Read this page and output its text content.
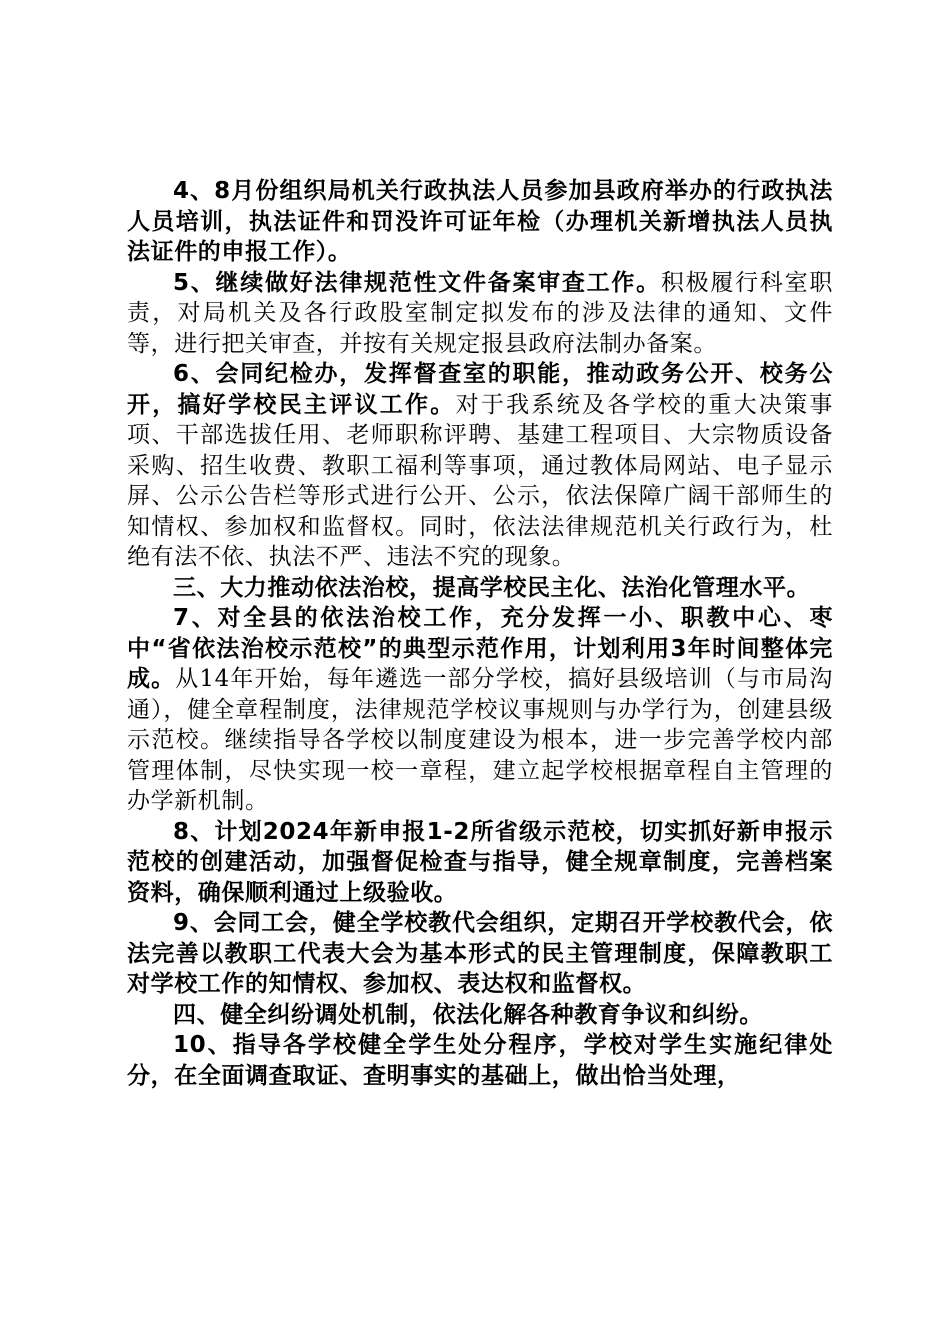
4、8月份组织局机关行政执法人员参加县政府举办的行政执法人员培训，执法证件和罚没许可证年检（办理机关新增执法人员执法证件的申报工作）。

5、继续做好法律规范性文件备案审查工作。积极履行科室职责，对局机关及各行政股室制定拟发布的涉及法律的通知、文件等，进行把关审查，并按有关规定报县政府法制办备案。

6、会同纪检办，发挥督查室的职能，推动政务公开、校务公开，搞好学校民主评议工作。对于我系统及各学校的重大决策事项、干部选拔任用、老师职称评聘、基建工程项目、大宗物质设备采购、招生收费、教职工福利等事项，通过教体局网站、电子显示屏、公示公告栏等形式进行公开、公示，依法保障广阔干部师生的知情权、参加权和监督权。同时，依法法律规范机关行政行为，杜绝有法不依、执法不严、违法不究的现象。

三、大力推动依法治校，提高学校民主化、法治化管理水平。

7、对全县的依法治校工作，充分发挥一小、职教中心、枣中“省依法治校示范校”的典型示范作用，计划利用3年时间整体完成。从14年开始，每年遴选一部分学校，搞好县级培训（与市局沟通），健全章程制度，法律规范学校议事规则与办学行为，创建县级示范校。继续指导各学校以制度建设为根本，进一步完善学校内部管理体制，尽快实现一校一章程，建立起学校根据章程自主管理的办学新机制。

8、计划2024年新申报1-2所省级示范校，切实抓好新申报示范校的创建活动，加强督促检查与指导，健全规章制度，完善档案资料，确保顺利通过上级验收。

9、会同工会，健全学校教代会组织，定期召开学校教代会，依法完善以教职工代表大会为基本形式的民主管理制度，保障教职工对学校工作的知情权、参加权、表达权和监督权。

四、健全纠纷调处机制，依法化解各种教育争议和纠纷。

10、指导各学校健全学生处分程序，学校对学生实施纪律处分，在全面调查取证、查明事实的基础上，做出恰当处理，
